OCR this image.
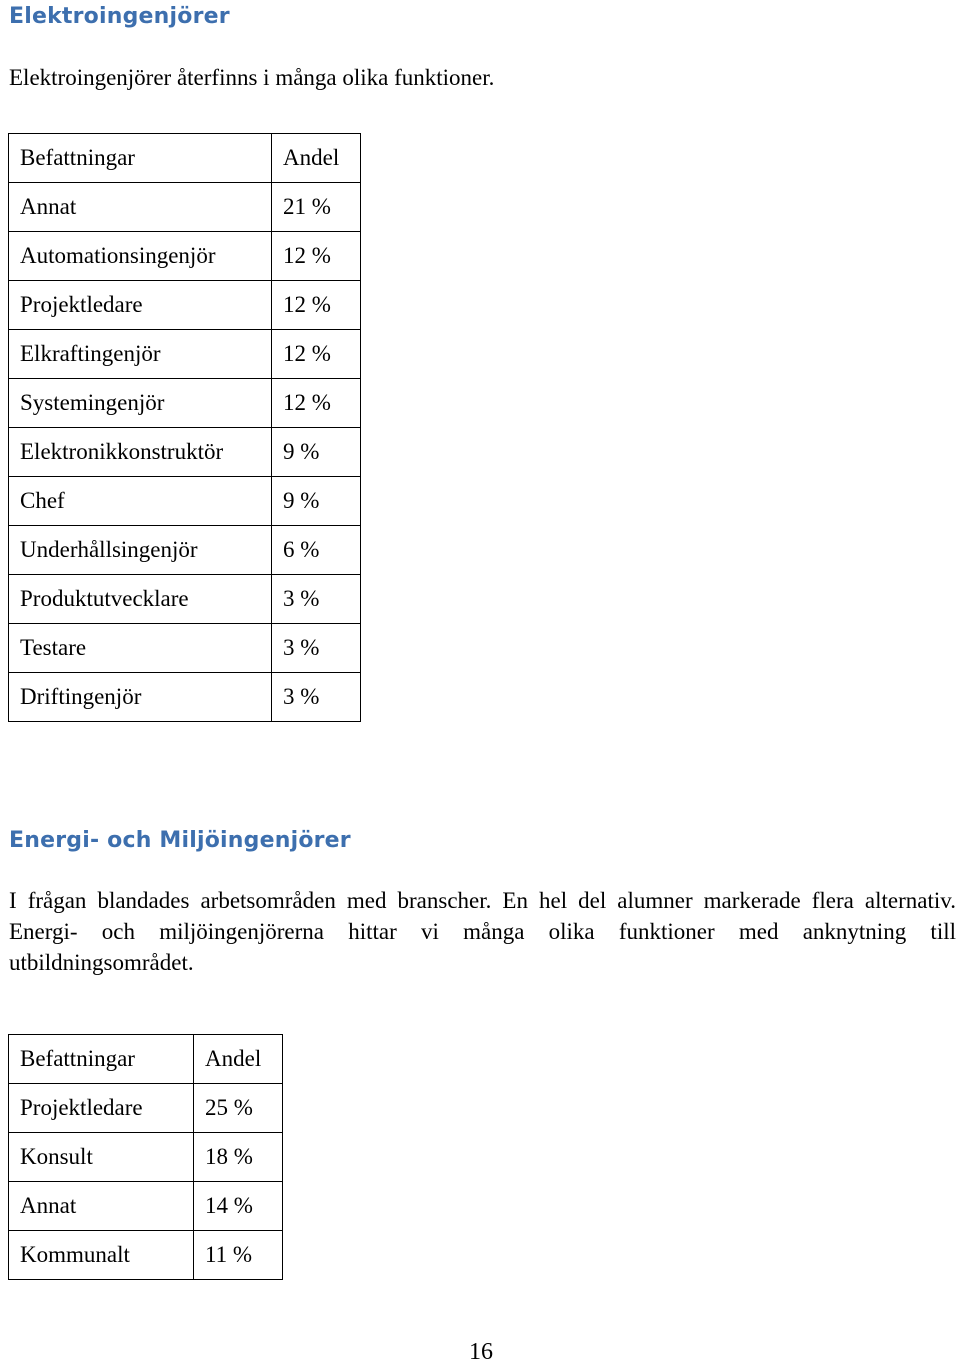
Elektroingenjörer
Elektroingenjörer återfinns i många olika funktioner.
Befattningar	Andel
Annat	21 %
Automationsingenjör	12 %
Projektledare	12 %
Elkraftingenjör	12 %
Systemingenjör	12 %
Elektronikkonstruktör	9 %
Chef	9 %
Underhållsingenjör	6 %
Produktutvecklare	3 %
Testare	3 %
Driftingenjör	3 %
Energi- och Miljöingenjörer
I frågan blandades arbetsområden med branscher. En hel del alumner markerade flera alternativ. Energi- och miljöingenjörerna hittar vi många olika funktioner med anknytning till utbildningsområdet.
Befattningar	Andel
Projektledare	25 %
Konsult	18 %
Annat	14 %
Kommunalt	11 %
16
